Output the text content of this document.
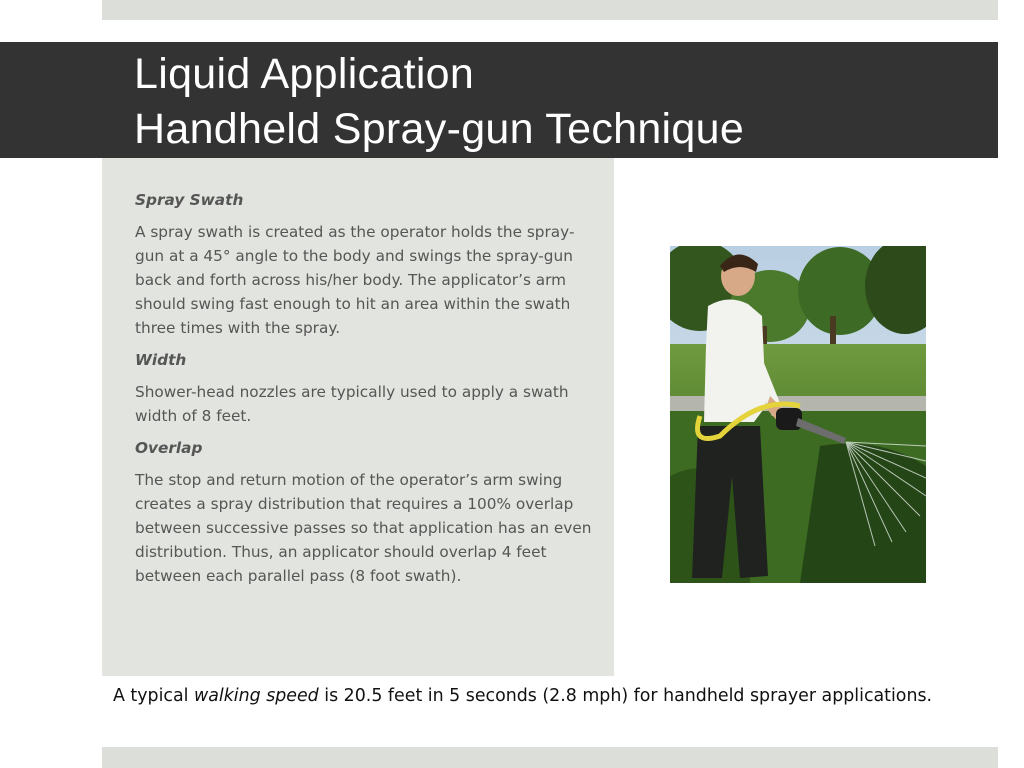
Liquid Application
Handheld Spray-gun Technique
Spray Swath
A spray swath is created as the operator holds the spray-gun at a 45° angle to the body and swings the spray-gun back and forth across his/her body. The applicator’s arm should swing fast enough to hit an area within the swath three times with the spray.
Width
Shower-head nozzles are typically used to apply a swath width of 8 feet.
Overlap
The stop and return motion of the operator’s arm swing creates a spray distribution that requires a 100% overlap between successive passes so that application has an even distribution. Thus, an applicator should overlap 4 feet between each parallel pass (8 foot swath).
A typical walking speed is 20.5 feet in 5 seconds (2.8 mph) for handheld sprayer applications.
